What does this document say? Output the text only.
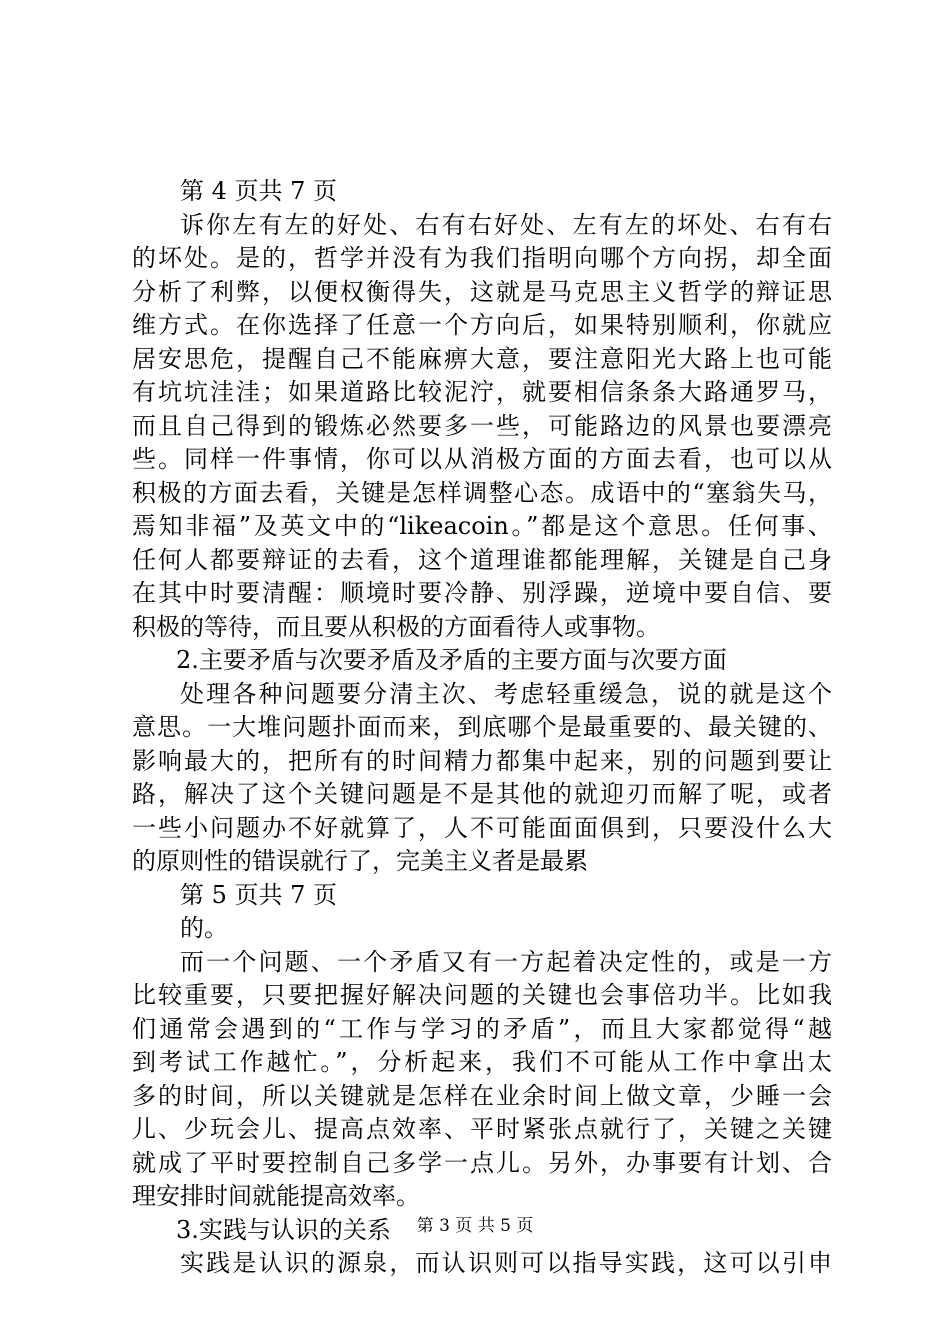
第 4 页共 7 页
诉你左有左的好处、右有右好处、左有左的坏处、右有右
的坏处。是的，哲学并没有为我们指明向哪个方向拐，却全面
分析了利弊，以便权衡得失，这就是马克思主义哲学的辩证思
维方式。在你选择了任意一个方向后，如果特别顺利，你就应
居安思危，提醒自己不能麻痹大意，要注意阳光大路上也可能
有坑坑洼洼；如果道路比较泥泞，就要相信条条大路通罗马，
而且自己得到的锻炼必然要多一些，可能路边的风景也要漂亮
些。同样一件事情，你可以从消极方面的方面去看，也可以从
积极的方面去看，关键是怎样调整心态。成语中的“塞翁失马，
焉知非福”及英文中的“likeacoin。”都是这个意思。任何事、
任何人都要辩证的去看，这个道理谁都能理解，关键是自己身
在其中时要清醒：顺境时要冷静、别浮躁，逆境中要自信、要
积极的等待，而且要从积极的方面看待人或事物。
2.主要矛盾与次要矛盾及矛盾的主要方面与次要方面
处理各种问题要分清主次、考虑轻重缓急，说的就是这个
意思。一大堆问题扑面而来，到底哪个是最重要的、最关键的、
影响最大的，把所有的时间精力都集中起来，别的问题到要让
路，解决了这个关键问题是不是其他的就迎刃而解了呢，或者
一些小问题办不好就算了，人不可能面面俱到，只要没什么大
的原则性的错误就行了，完美主义者是最累
第 5 页共 7 页
的。
而一个问题、一个矛盾又有一方起着决定性的，或是一方
比较重要，只要把握好解决问题的关键也会事倍功半。比如我
们通常会遇到的“工作与学习的矛盾”，而且大家都觉得“越
到考试工作越忙。”，分析起来，我们不可能从工作中拿出太
多的时间，所以关键就是怎样在业余时间上做文章，少睡一会
儿、少玩会儿、提高点效率、平时紧张点就行了，关键之关键
就成了平时要控制自己多学一点儿。另外，办事要有计划、合
理安排时间就能提高效率。
3.实践与认识的关系
实践是认识的源泉，而认识则可以指导实践，这可以引申
第 3 页 共 5 页
